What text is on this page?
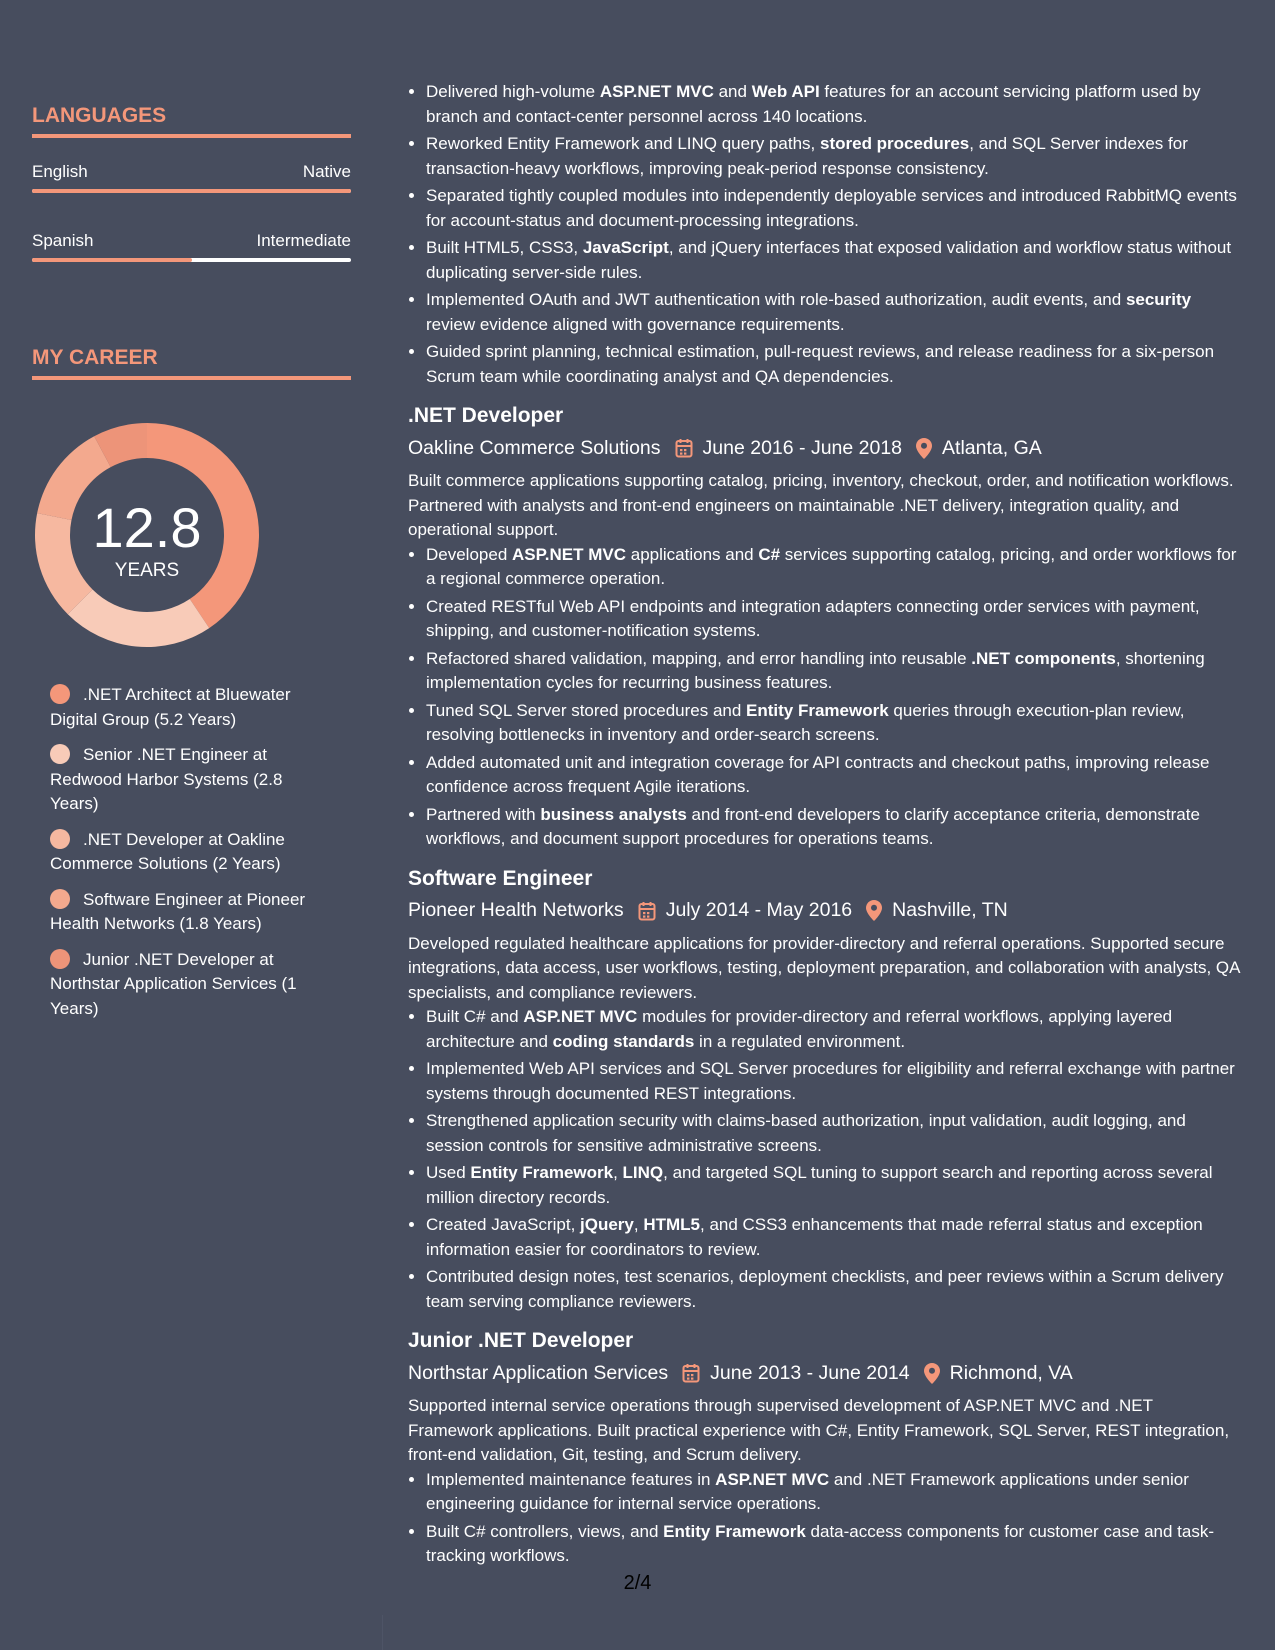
LANGUAGES
English	Native
Spanish	Intermediate
MY CAREER
12.8
YEARS
.NET Architect at Bluewater Digital Group (5.2 Years)
Senior .NET Engineer at Redwood Harbor Systems (2.8 Years)
.NET Developer at Oakline Commerce Solutions (2 Years)
Software Engineer at Pioneer Health Networks (1.8 Years)
Junior .NET Developer at Northstar Application Services (1 Years)
• Delivered high-volume ASP.NET MVC and Web API features for an account servicing platform used by branch and contact-center personnel across 140 locations.
• Reworked Entity Framework and LINQ query paths, stored procedures, and SQL Server indexes for transaction-heavy workflows, improving peak-period response consistency.
• Separated tightly coupled modules into independently deployable services and introduced RabbitMQ events for account-status and document-processing integrations.
• Built HTML5, CSS3, JavaScript, and jQuery interfaces that exposed validation and workflow status without duplicating server-side rules.
• Implemented OAuth and JWT authentication with role-based authorization, audit events, and security review evidence aligned with governance requirements.
• Guided sprint planning, technical estimation, pull-request reviews, and release readiness for a six-person Scrum team while coordinating analyst and QA dependencies.
.NET Developer
Oakline Commerce Solutions June 2016 - June 2018 Atlanta, GA
Built commerce applications supporting catalog, pricing, inventory, checkout, order, and notification workflows. Partnered with analysts and front-end engineers on maintainable .NET delivery, integration quality, and operational support.
• Developed ASP.NET MVC applications and C# services supporting catalog, pricing, and order workflows for a regional commerce operation.
• Created RESTful Web API endpoints and integration adapters connecting order services with payment, shipping, and customer-notification systems.
• Refactored shared validation, mapping, and error handling into reusable .NET components, shortening implementation cycles for recurring business features.
• Tuned SQL Server stored procedures and Entity Framework queries through execution-plan review, resolving bottlenecks in inventory and order-search screens.
• Added automated unit and integration coverage for API contracts and checkout paths, improving release confidence across frequent Agile iterations.
• Partnered with business analysts and front-end developers to clarify acceptance criteria, demonstrate workflows, and document support procedures for operations teams.
Software Engineer
Pioneer Health Networks July 2014 - May 2016 Nashville, TN
Developed regulated healthcare applications for provider-directory and referral operations. Supported secure integrations, data access, user workflows, testing, deployment preparation, and collaboration with analysts, QA specialists, and compliance reviewers.
• Built C# and ASP.NET MVC modules for provider-directory and referral workflows, applying layered architecture and coding standards in a regulated environment.
• Implemented Web API services and SQL Server procedures for eligibility and referral exchange with partner systems through documented REST integrations.
• Strengthened application security with claims-based authorization, input validation, audit logging, and session controls for sensitive administrative screens.
• Used Entity Framework, LINQ, and targeted SQL tuning to support search and reporting across several million directory records.
• Created JavaScript, jQuery, HTML5, and CSS3 enhancements that made referral status and exception information easier for coordinators to review.
• Contributed design notes, test scenarios, deployment checklists, and peer reviews within a Scrum delivery team serving compliance reviewers.
Junior .NET Developer
Northstar Application Services June 2013 - June 2014 Richmond, VA
Supported internal service operations through supervised development of ASP.NET MVC and .NET Framework applications. Built practical experience with C#, Entity Framework, SQL Server, REST integration, front-end validation, Git, testing, and Scrum delivery.
• Implemented maintenance features in ASP.NET MVC and .NET Framework applications under senior engineering guidance for internal service operations.
• Built C# controllers, views, and Entity Framework data-access components for customer case and task-tracking workflows.
2/4
